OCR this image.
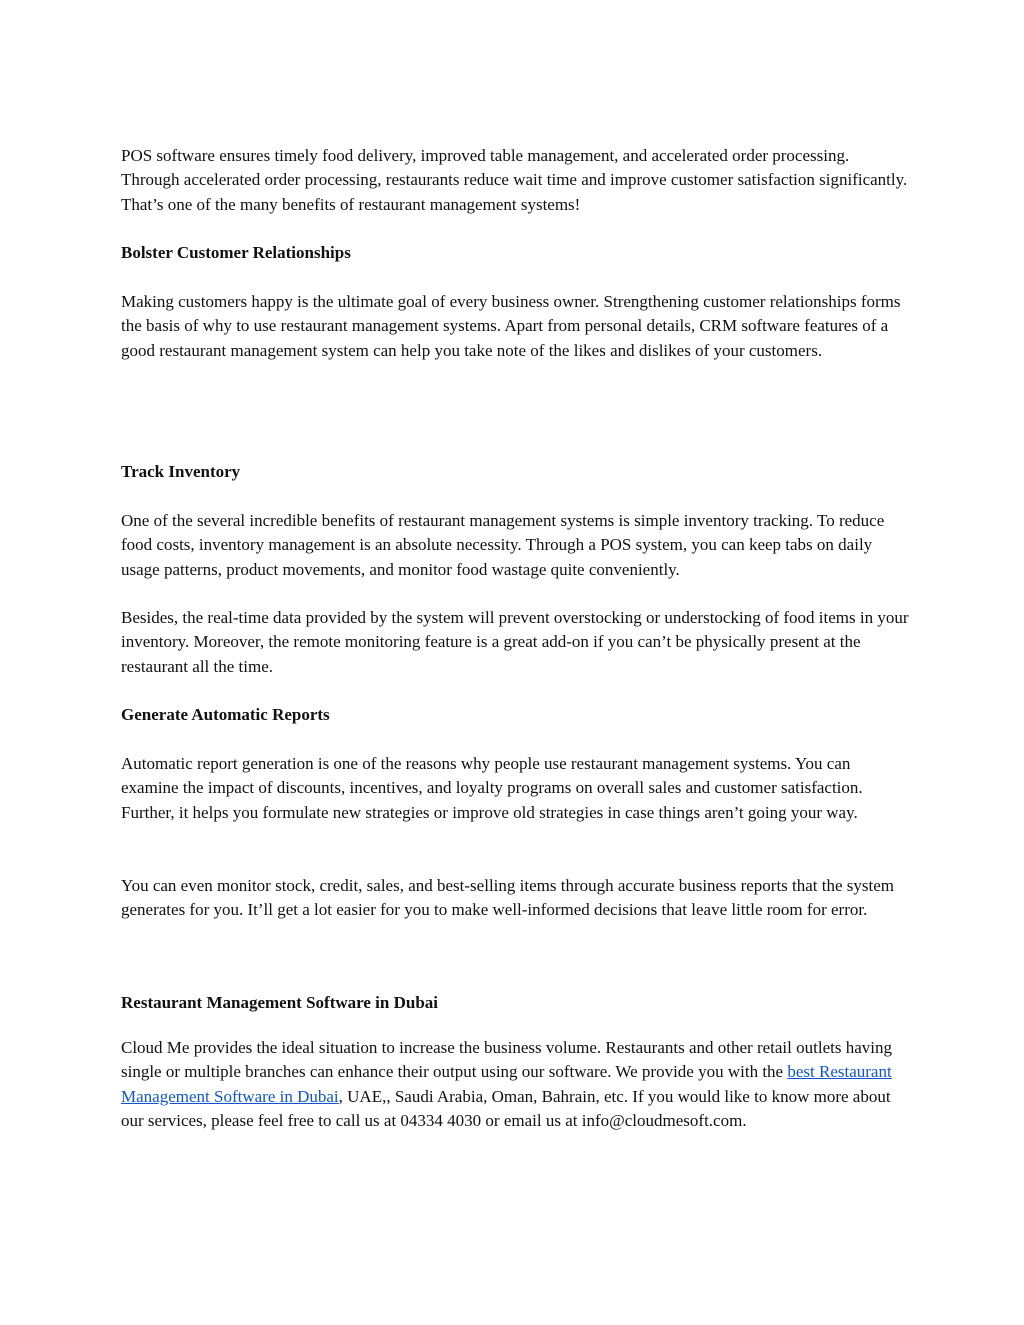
POS software ensures timely food delivery, improved table management, and accelerated order processing. Through accelerated order processing, restaurants reduce wait time and improve customer satisfaction significantly. That’s one of the many benefits of restaurant management systems!

Bolster Customer Relationships

Making customers happy is the ultimate goal of every business owner. Strengthening customer relationships forms the basis of why to use restaurant management systems. Apart from personal details, CRM software features of a good restaurant management system can help you take note of the likes and dislikes of your customers.

Track Inventory

One of the several incredible benefits of restaurant management systems is simple inventory tracking. To reduce food costs, inventory management is an absolute necessity. Through a POS system, you can keep tabs on daily usage patterns, product movements, and monitor food wastage quite conveniently.

Besides, the real-time data provided by the system will prevent overstocking or understocking of food items in your inventory. Moreover, the remote monitoring feature is a great add-on if you can’t be physically present at the restaurant all the time.

Generate Automatic Reports

Automatic report generation is one of the reasons why people use restaurant management systems. You can examine the impact of discounts, incentives, and loyalty programs on overall sales and customer satisfaction. Further, it helps you formulate new strategies or improve old strategies in case things aren’t going your way.

You can even monitor stock, credit, sales, and best-selling items through accurate business reports that the system generates for you. It’ll get a lot easier for you to make well-informed decisions that leave little room for error.

Restaurant Management Software in Dubai

Cloud Me provides the ideal situation to increase the business volume. Restaurants and other retail outlets having single or multiple branches can enhance their output using our software. We provide you with the best Restaurant Management Software in Dubai, UAE,, Saudi Arabia, Oman, Bahrain, etc. If you would like to know more about our services, please feel free to call us at 04334 4030 or email us at info@cloudmesoft.com.
